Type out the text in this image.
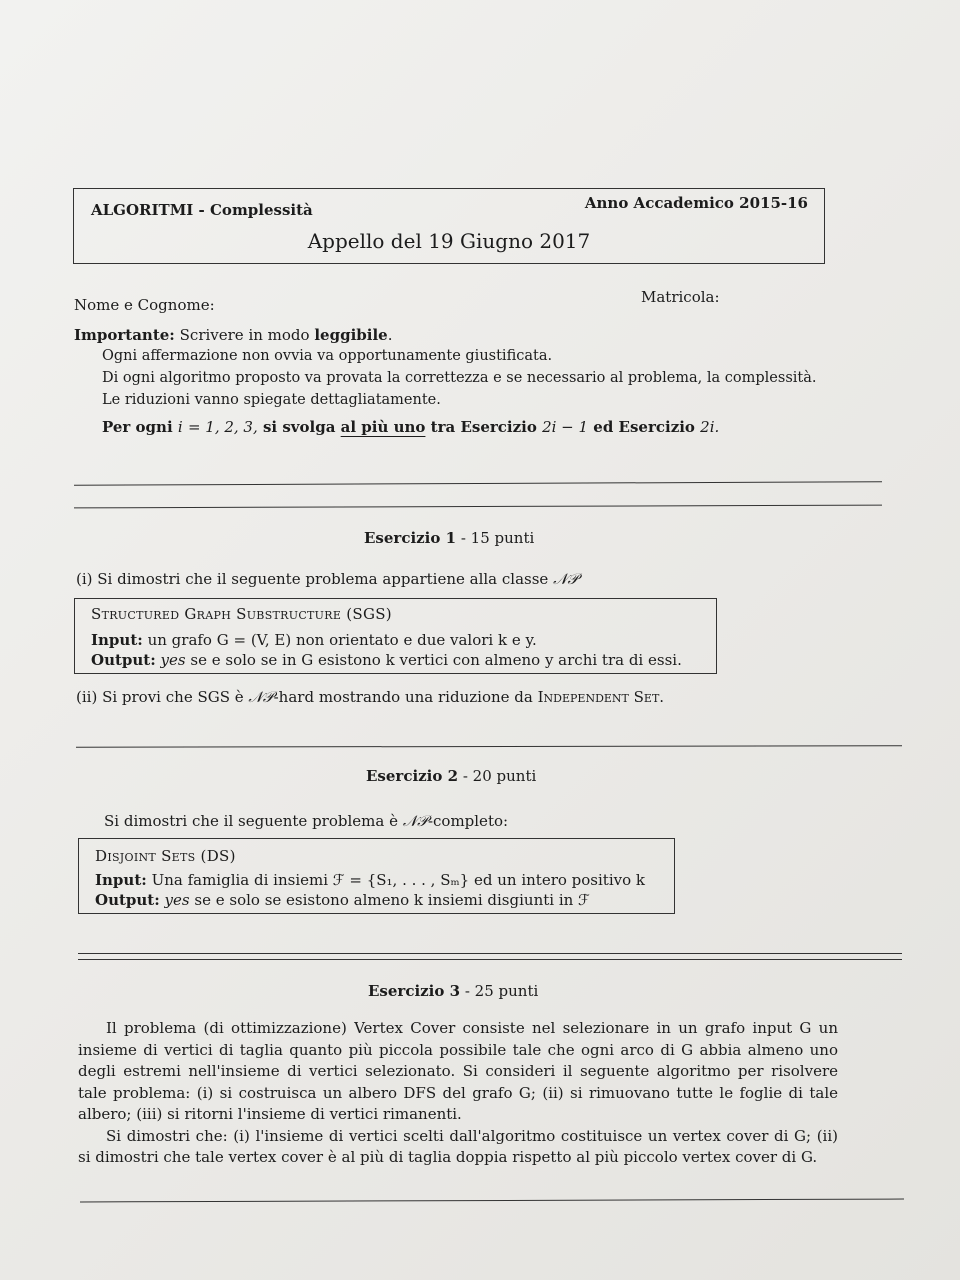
ALGORITMI - Complessità	Anno Accademico 2015-16
Appello del 19 Giugno 2017
Nome e Cognome:	Matricola:
Importante: Scrivere in modo leggibile.
Ogni affermazione non ovvia va opportunamente giustificata.
Di ogni algoritmo proposto va provata la correttezza e se necessario al problema, la complessità.
Le riduzioni vanno spiegate dettagliatamente.
Per ogni i = 1, 2, 3, si svolga al più uno tra Esercizio 2i − 1 ed Esercizio 2i.
Esercizio 1 - 15 punti
(i) Si dimostri che il seguente problema appartiene alla classe 𝒩𝒫
Structured Graph Substructure (SGS)
Input: un grafo G = (V, E) non orientato e due valori k e y.
Output: yes se e solo se in G esistono k vertici con almeno y archi tra di essi.
(ii) Si provi che SGS è 𝒩𝒫-hard mostrando una riduzione da Independent Set.
Esercizio 2 - 20 punti
Si dimostri che il seguente problema è 𝒩𝒫-completo:
Disjoint Sets (DS)
Input: Una famiglia di insiemi ℱ = {S₁, . . . , Sₘ} ed un intero positivo k
Output: yes se e solo se esistono almeno k insiemi disgiunti in ℱ
Esercizio 3 - 25 punti

Il problema (di ottimizzazione) Vertex Cover consiste nel selezionare in un grafo input G un insieme di vertici di taglia quanto più piccola possibile tale che ogni arco di G abbia almeno uno degli estremi nell'insieme di vertici selezionato. Si consideri il seguente algoritmo per risolvere tale problema: (i) si costruisca un albero DFS del grafo G; (ii) si rimuovano tutte le foglie di tale albero; (iii) si ritorni l'insieme di vertici rimanenti.

Si dimostri che: (i) l'insieme di vertici scelti dall'algoritmo costituisce un vertex cover di G; (ii) si dimostri che tale vertex cover è al più di taglia doppia rispetto al più piccolo vertex cover di G.
